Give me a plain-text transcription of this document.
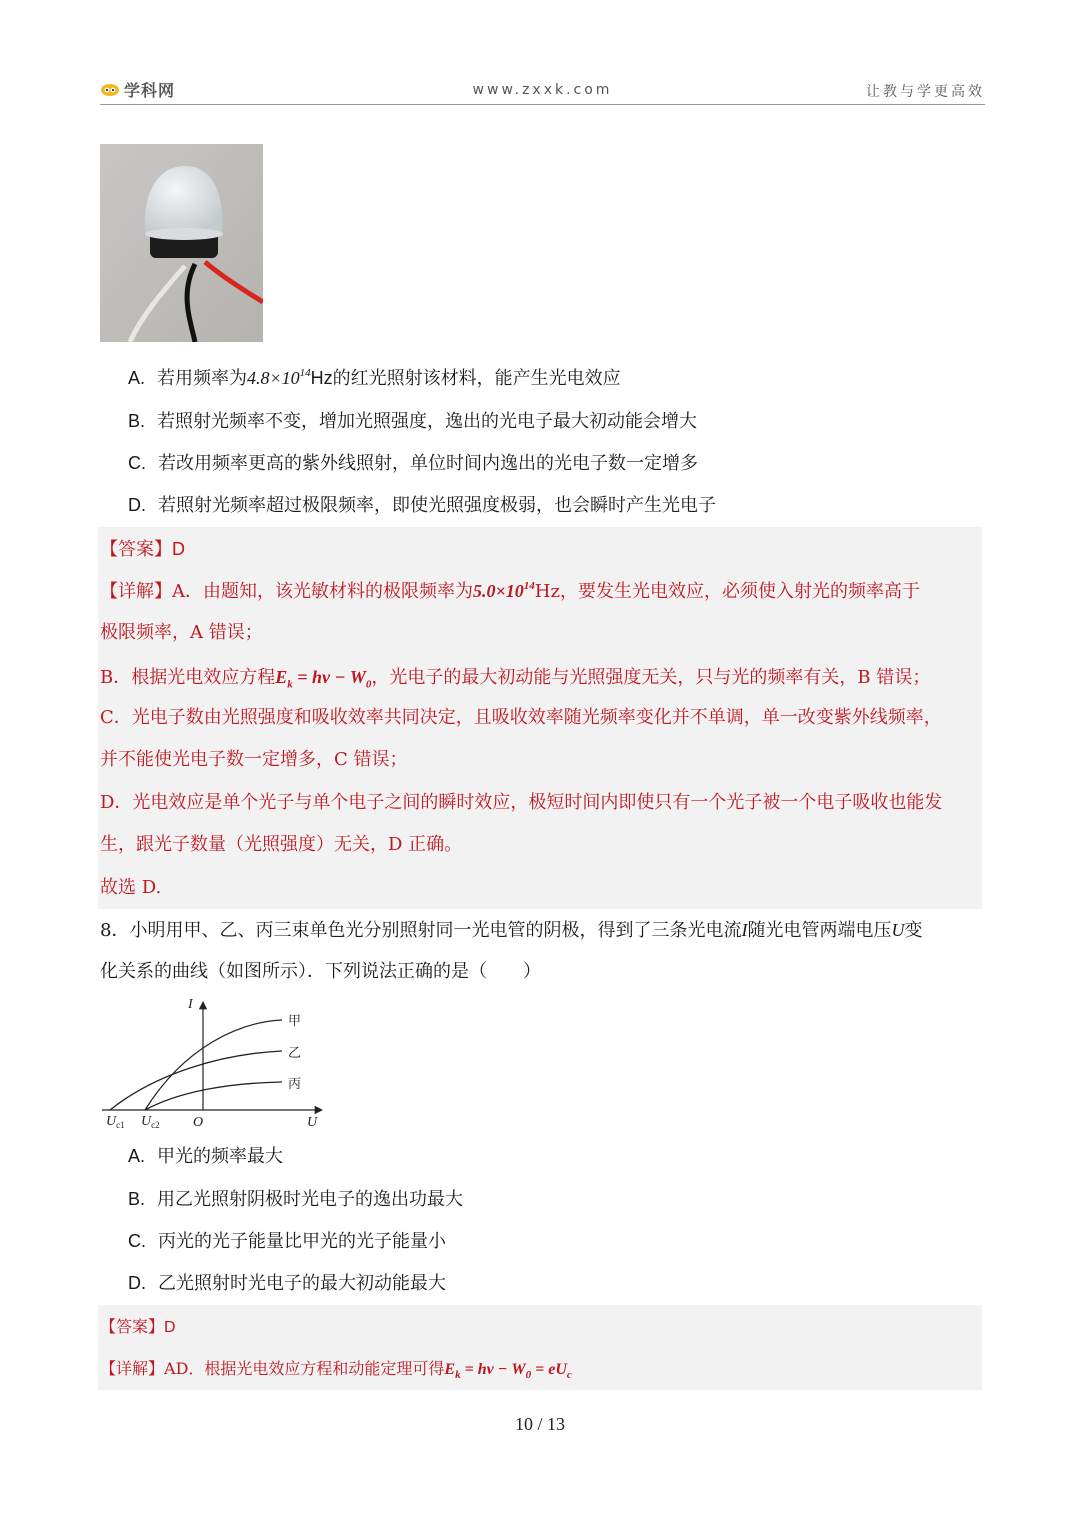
学科网	www.zxxk.com	让教与学更高效
A. 若用频率为$4.8\times 10^{14}Hz$的红光照射该材料，能产生光电效应
B. 若照射光频率不变，增加光照强度，逸出的光电子最大初动能会增大
C. 若改用频率更高的紫外线照射，单位时间内逸出的光电子数一定增多
D. 若照射光频率超过极限频率，即使光照强度极弱，也会瞬时产生光电子
【答案】D
【详解】A．由题知，该光敏材料的极限频率为$5.0\times 10^{14}Hz$，要发生光电效应，必须使入射光的频率高于
极限频率，A 错误；
B．根据光电效应方程$E_k = h\nu - W_0$，光电子的最大初动能与光照强度无关，只与光的频率有关，B 错误；
C．光电子数由光照强度和吸收效率共同决定，且吸收效率随光频率变化并不单调，单一改变紫外线频率，
并不能使光电子数一定增多，C 错误；
D．光电效应是单个光子与单个电子之间的瞬时效应，极短时间内即使只有一个光子被一个电子吸收也能发
生，跟光子数量（光照强度）无关，D 正确。
故选 D.
8．小明用甲、乙、丙三束单色光分别照射同一光电管的阴极，得到了三条光电流I随光电管两端电压U变
化关系的曲线（如图所示）．下列说法正确的是（　　）
I
U
O
$U_{c1}$ $U_{c2}$
甲
乙
丙
A. 甲光的频率最大
B. 用乙光照射阴极时光电子的逸出功最大
C. 丙光的光子能量比甲光的光子能量小
D. 乙光照射时光电子的最大初动能最大
【答案】D
【详解】AD．根据光电效应方程和动能定理可得$E_k = h\nu - W_0 = eU_c$
10 / 13
